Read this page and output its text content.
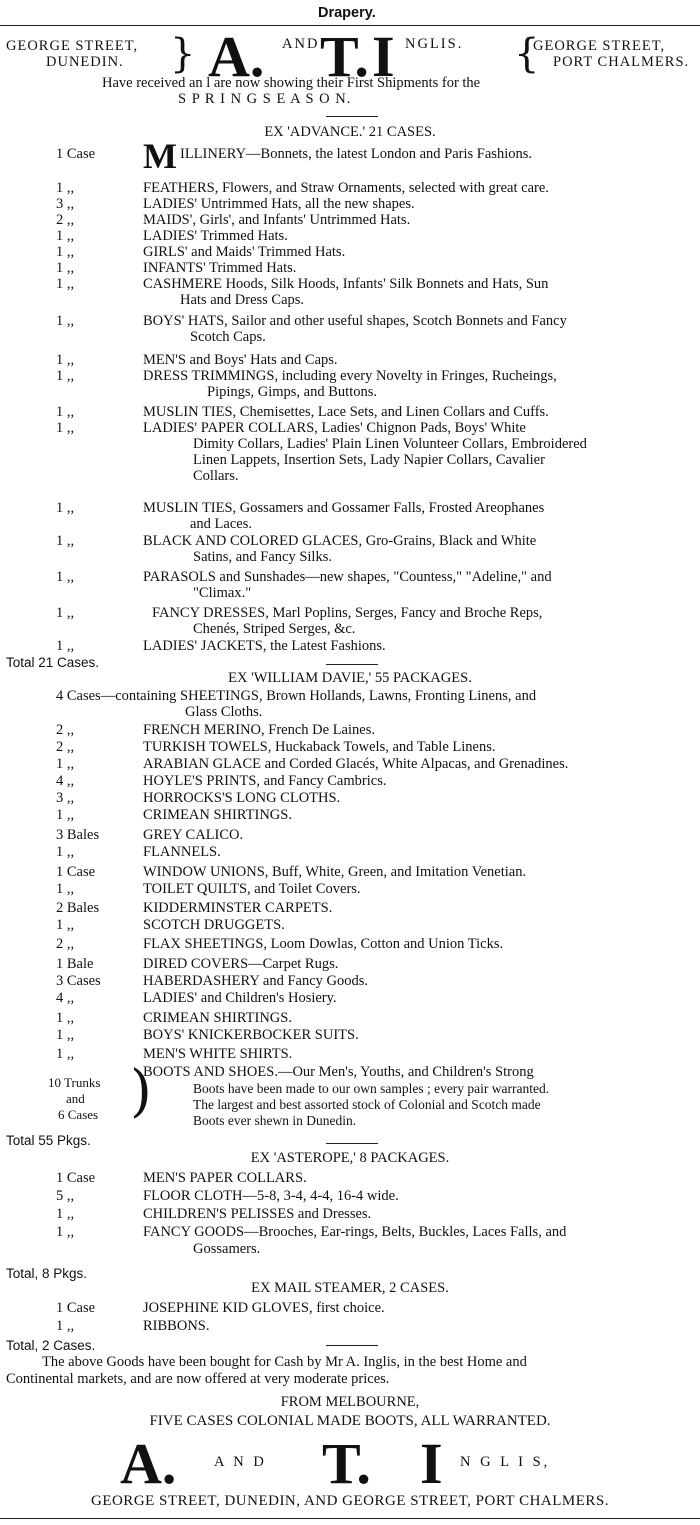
Drapery.
GEORGE STREET,
DUNEDIN. } A. AND T. I NGLIS. {
GEORGE STREET,
PORT CHALMERS.
Have received an l are now showing their First Shipments for the
S P R I N G S E A S O N.
EX 'ADVANCE.' 21 CASES.
1 Case M ILLINERY—Bonnets, the latest London and Paris Fashions.
1 ,,	FEATHERS, Flowers, and Straw Ornaments, selected with great care.
3 ,,	LADIES' Untrimmed Hats, all the new shapes.
2 ,,	MAIDS', Girls', and Infants' Untrimmed Hats.
1 ,,	LADIES' Trimmed Hats.
1 ,,	GIRLS' and Maids' Trimmed Hats.
1 ,,	INFANTS' Trimmed Hats.
1 ,,	CASHMERE Hoods, Silk Hoods, Infants' Silk Bonnets and Hats, Sun
Hats and Dress Caps.
1 ,,	BOYS' HATS, Sailor and other useful shapes, Scotch Bonnets and Fancy
Scotch Caps.
1 ,,	MEN'S and Boys' Hats and Caps.
1 ,,	DRESS TRIMMINGS, including every Novelty in Fringes, Rucheings,
Pipings, Gimps, and Buttons.
1 ,,	MUSLIN TIES, Chemisettes, Lace Sets, and Linen Collars and Cuffs.
1 ,,	LADIES' PAPER COLLARS, Ladies' Chignon Pads, Boys' White
Dimity Collars, Ladies' Plain Linen Volunteer Collars, Embroidered
Linen Lappets, Insertion Sets, Lady Napier Collars, Cavalier
Collars.
1 ,,	MUSLIN TIES, Gossamers and Gossamer Falls, Frosted Areophanes
and Laces.
1 ,,	BLACK AND COLORED GLACES, Gro-Grains, Black and White
Satins, and Fancy Silks.
1 ,,	PARASOLS and Sunshades—new shapes, "Countess," "Adeline," and
"Climax."
1 ,,	FANCY DRESSES, Marl Poplins, Serges, Fancy and Broche Reps,
Chenés, Striped Serges, &c.
1 ,,	LADIES' JACKETS, the Latest Fashions.
Total 21 Cases.
EX 'WILLIAM DAVIE,' 55 PACKAGES.
4 Cases—containing SHEETINGS, Brown Hollands, Lawns, Fronting Linens, and
Glass Cloths.
2 ,,	FRENCH MERINO, French De Laines.
2 ,,	TURKISH TOWELS, Huckaback Towels, and Table Linens.
1 ,,	ARABIAN GLACE and Corded Glacés, White Alpacas, and Grenadines.
4 ,,	HOYLE'S PRINTS, and Fancy Cambrics.
3 ,,	HORROCKS'S LONG CLOTHS.
1 ,,	CRIMEAN SHIRTINGS.
3 Bales	GREY CALICO.
1 ,,	FLANNELS.
1 Case	WINDOW UNIONS, Buff, White, Green, and Imitation Venetian.
1 ,,	TOILET QUILTS, and Toilet Covers.
2 Bales	KIDDERMINSTER CARPETS.
1 ,,	SCOTCH DRUGGETS.
2 ,,	FLAX SHEETINGS, Loom Dowlas, Cotton and Union Ticks.
1 Bale	DIRED COVERS—Carpet Rugs.
3 Cases	HABERDASHERY and Fancy Goods.
4 ,,	LADIES' and Children's Hosiery.
1 ,,	CRIMEAN SHIRTINGS.
1 ,,	BOYS' KNICKERBOCKER SUITS.
1 ,,	MEN'S WHITE SHIRTS.
10 Trunks
and
6 Cases )
BOOTS AND SHOES.—Our Men's, Youths, and Children's Strong
Boots have been made to our own samples ; every pair warranted.
The largest and best assorted stock of Colonial and Scotch made
Boots ever shewn in Dunedin.
Total 55 Pkgs.
EX 'ASTEROPE,' 8 PACKAGES.
1 Case	MEN'S PAPER COLLARS.
5 ,,	FLOOR CLOTH—5-8, 3-4, 4-4, 16-4 wide.
1 ,,	CHILDREN'S PELISSES and Dresses.
1 ,,	FANCY GOODS—Brooches, Ear-rings, Belts, Buckles, Laces Falls, and
Gossamers.
Total, 8 Pkgs.
EX MAIL STEAMER, 2 CASES.
1 Case	JOSEPHINE KID GLOVES, first choice.
1 ,,	RIBBONS.
Total, 2 Cases.
The above Goods have been bought for Cash by Mr A. Inglis, in the best Home and
Continental markets, and are now offered at very moderate prices.
FROM MELBOURNE,
FIVE CASES COLONIAL MADE BOOTS, ALL WARRANTED.
A.	A N D T. I N G L I S,
GEORGE STREET, DUNEDIN, AND GEORGE STREET, PORT CHALMERS.
